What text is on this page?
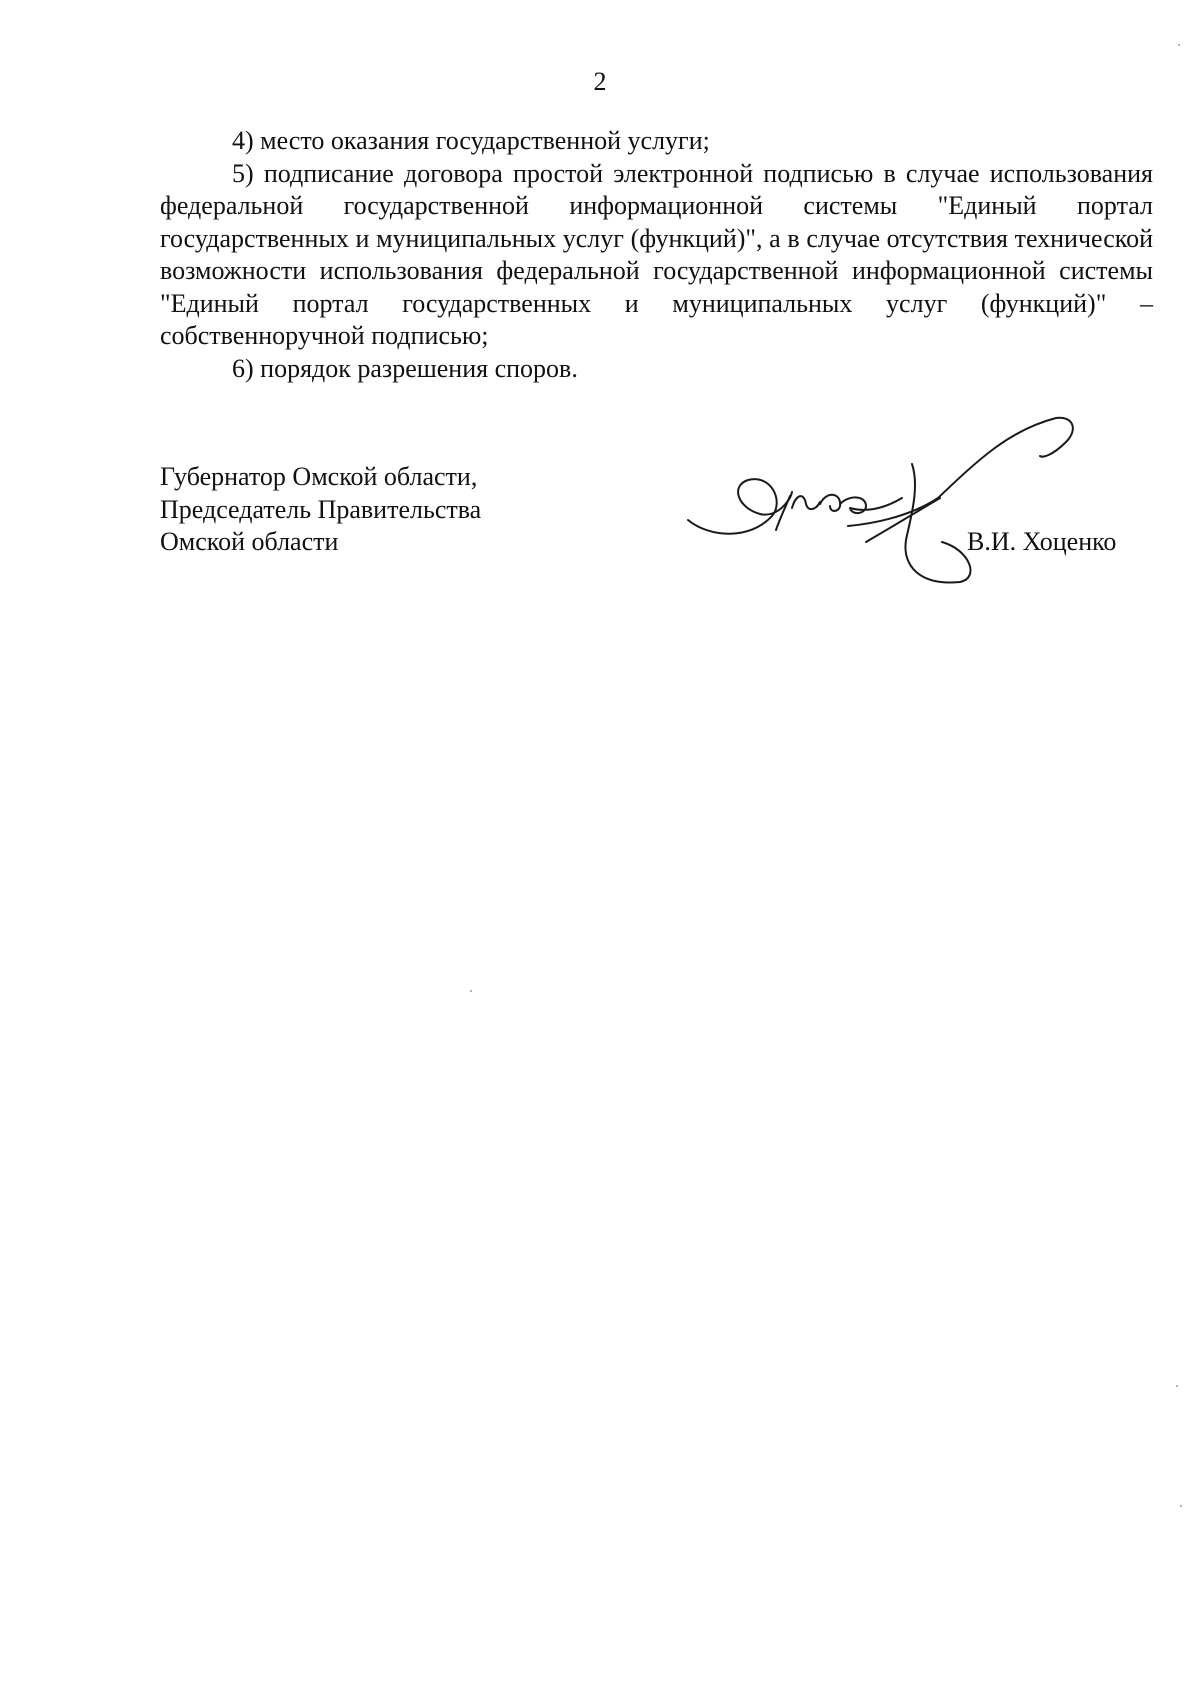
2

4) место оказания государственной услуги;

5) подписание договора простой электронной подписью в случае использования федеральной государственной информационной системы "Единый портал государственных и муниципальных услуг (функций)", а в случае отсутствия технической возможности использования федеральной государственной информационной системы "Единый портал государственных и муниципальных услуг (функций)" – собственноручной подписью;

6) порядок разрешения споров.

Губернатор Омской области,
Председатель Правительства
Омской области	В.И. Хоценко
